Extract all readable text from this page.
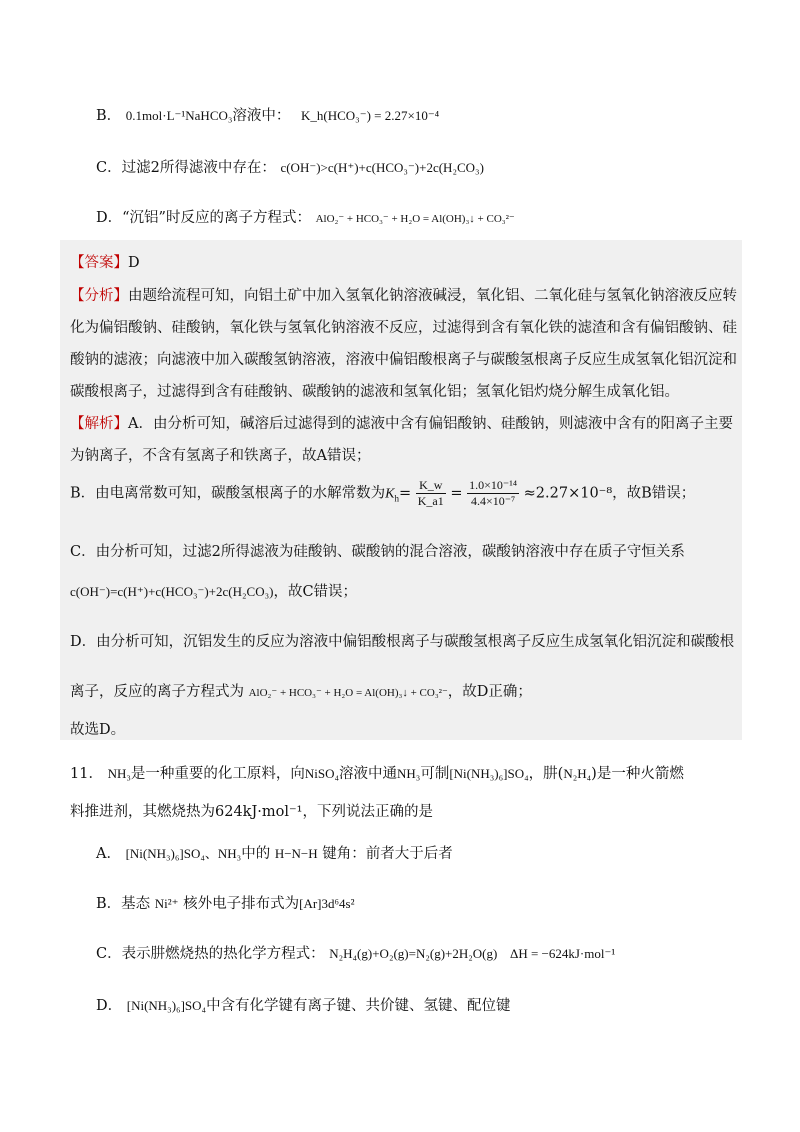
B． 0.1mol·L⁻¹NaHCO₃溶液中： K_h(HCO₃⁻) = 2.27×10⁻⁴
C．过滤2所得滤液中存在： c(OH⁻)>c(H⁺)+c(HCO₃⁻)+2c(H₂CO₃)
D．“沉铝”时反应的离子方程式： AlO₂⁻ + HCO₃⁻ + H₂O = Al(OH)₃↓ + CO₃²⁻
【答案】D
【分析】由题给流程可知，向铝土矿中加入氢氧化钠溶液碱浸，氧化铝、二氧化硅与氢氧化钠溶液反应转
化为偏铝酸钠、硅酸钠，氧化铁与氢氧化钠溶液不反应，过滤得到含有氧化铁的滤渣和含有偏铝酸钠、硅
酸钠的滤液；向滤液中加入碳酸氢钠溶液，溶液中偏铝酸根离子与碳酸氢根离子反应生成氢氧化铝沉淀和
碳酸根离子，过滤得到含有硅酸钠、碳酸钠的滤液和氢氧化铝；氢氧化铝灼烧分解生成氧化铝。
【解析】A．由分析可知，碱溶后过滤得到的滤液中含有偏铝酸钠、硅酸钠，则滤液中含有的阳离子主要
为钠离子，不含有氢离子和铁离子，故A错误；
B．由电离常数可知，碳酸氢根离子的水解常数为$K_h= \frac{K\_w}{K\_a1} = \frac{\text{1.0×10⁻¹⁴}}{\text{4.4×10⁻⁷}} \approx 2.27\times 10^{-8}$，故B错误；
C．由分析可知，过滤2所得滤液为硅酸钠、碳酸钠的混合溶液，碳酸钠溶液中存在质子守恒关系
c(OH⁻)=c(H⁺)+c(HCO₃⁻)+2c(H₂CO₃)，故C错误；
D．由分析可知，沉铝发生的反应为溶液中偏铝酸根离子与碳酸氢根离子反应生成氢氧化铝沉淀和碳酸根
离子，反应的离子方程式为 AlO₂⁻ + HCO₃⁻ + H₂O = Al(OH)₃↓ + CO₃²⁻，故D正确；
故选D。
11． NH₃是一种重要的化工原料，向NiSO₄溶液中通NH₃可制[Ni(NH₃)₆]SO₄，肼(N₂H₄)是一种火箭燃
料推进剂，其燃烧热为624kJ·mol⁻¹，下列说法正确的是
A． [Ni(NH₃)₆]SO₄、NH₃中的 H−N−H 键角：前者大于后者
B．基态 Ni²⁺ 核外电子排布式为[Ar]3d⁶4s²
C．表示肼燃烧热的热化学方程式： N₂H₄(g)+O₂(g)=N₂(g)+2H₂O(g) ΔH = −624kJ·mol⁻¹
D． [Ni(NH₃)₆]SO₄中含有化学键有离子键、共价键、氢键、配位键
